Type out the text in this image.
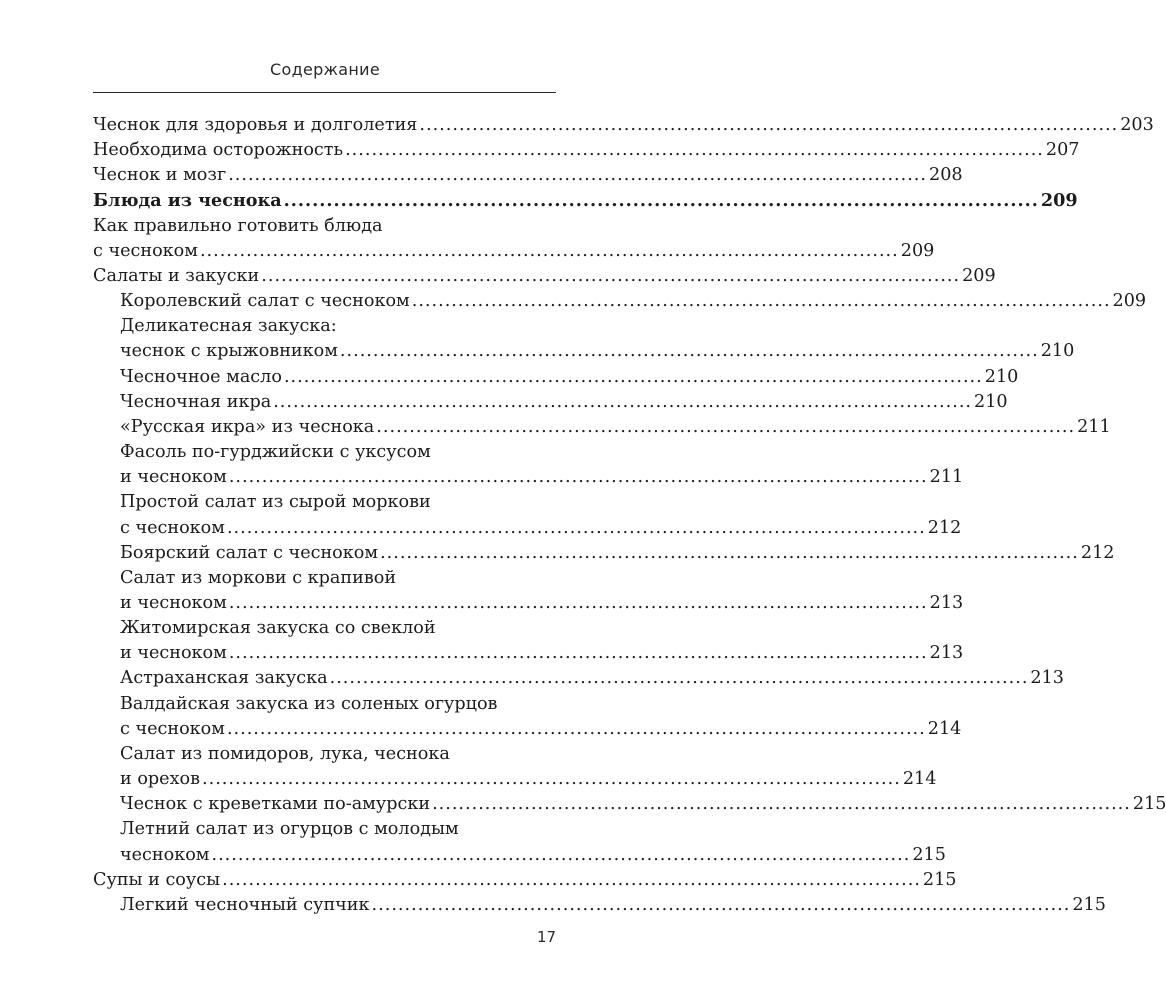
Содержание
Чеснок для здоровья и долголетия .....	203
Необходима осторожность .....	207
Чеснок и мозг .....	208
Блюда из чеснока .....	209
Как правильно готовить блюда
с чесноком .....	209
Салаты и закуски .....	209
Королевский салат с чесноком .....	209
Деликатесная закуска:
чеснок с крыжовником .....	210
Чесночное масло .....	210
Чесночная икра .....	210
«Русская икра» из чеснока .....	211
Фасоль по-гурджийски с уксусом
и чесноком .....	211
Простой салат из сырой моркови
с чесноком .....	212
Боярский салат с чесноком .....	212
Салат из моркови с крапивой
и чесноком .....	213
Житомирская закуска со свеклой
и чесноком .....	213
Астраханская закуска .....	213
Валдайская закуска из соленых огурцов
с чесноком .....	214
Салат из помидоров, лука, чеснока
и орехов .....	214
Чеснок с креветками по-амурски .....	215
Летний салат из огурцов с молодым
чесноком .....	215
Супы и соусы .....	215
Легкий чесночный супчик .....	215
17
